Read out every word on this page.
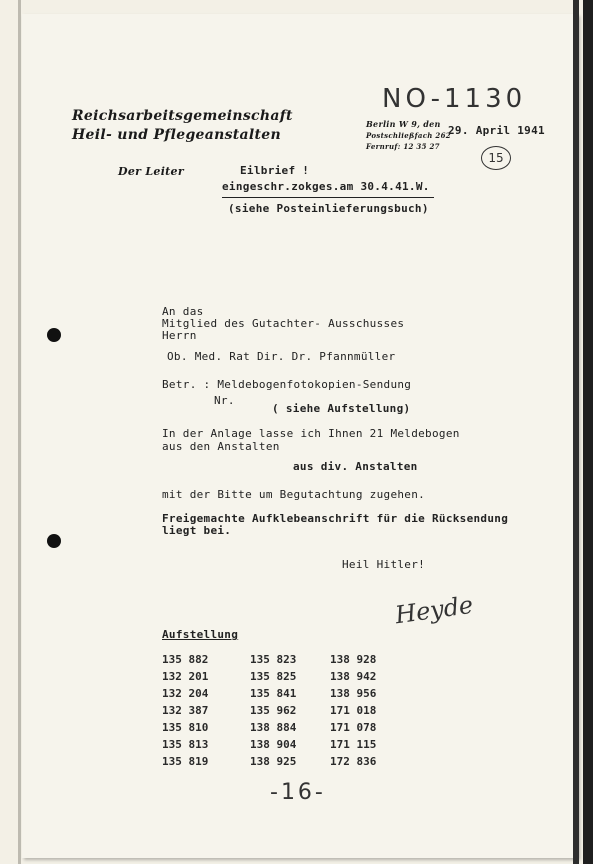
Reichsarbeitsgemeinschaft
Heil- und Pflegeanstalten
Der Leiter
Berlin W 9, den
Postschließfach 262
Fernruf: 12 35 27
NO-1130
29. April 1941
15
Eilbrief !
eingeschr.zokges.am 30.4.41.W.
(siehe Posteinlieferungsbuch)
An das
Mitglied des Gutachter- Ausschusses
Herrn
Ob. Med. Rat Dir. Dr. Pfannmüller
Betr. : Meldebogenfotokopien-Sendung
Nr.
( siehe Aufstellung)
In der Anlage lasse ich Ihnen 21 Meldebogen
aus den Anstalten
aus div. Anstalten
mit der Bitte um Begutachtung zugehen.
Freigemachte Aufklebeanschrift für die Rücksendung
liegt bei.
Heil Hitler!
Heyde
Aufstellung
135 882
132 201
132 204
132 387
135 810
135 813
135 819
135 823
135 825
135 841
135 962
138 884
138 904
138 925
138 928
138 942
138 956
171 018
171 078
171 115
172 836
-16-
